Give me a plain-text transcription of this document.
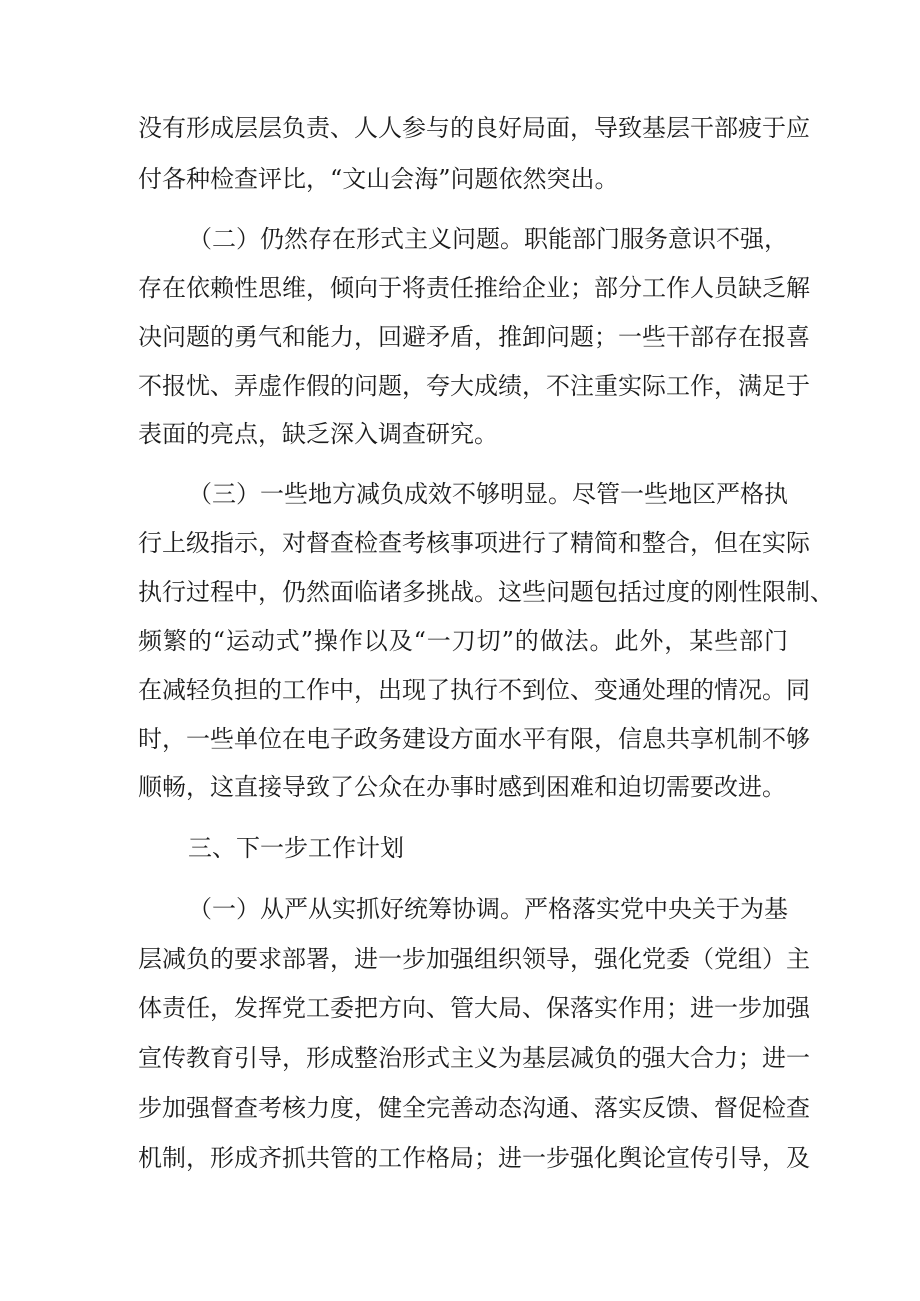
没有形成层层负责、人人参与的良好局面，导致基层干部疲于应
付各种检查评比，“文山会海”问题依然突出。
（二）仍然存在形式主义问题。职能部门服务意识不强，
存在依赖性思维，倾向于将责任推给企业；部分工作人员缺乏解
决问题的勇气和能力，回避矛盾，推卸问题；一些干部存在报喜
不报忧、弄虚作假的问题，夸大成绩，不注重实际工作，满足于
表面的亮点，缺乏深入调查研究。
（三）一些地方减负成效不够明显。尽管一些地区严格执
行上级指示，对督查检查考核事项进行了精简和整合，但在实际
执行过程中，仍然面临诸多挑战。这些问题包括过度的刚性限制、
频繁的“运动式”操作以及“一刀切”的做法。此外，某些部门
在减轻负担的工作中，出现了执行不到位、变通处理的情况。同
时，一些单位在电子政务建设方面水平有限，信息共享机制不够
顺畅，这直接导致了公众在办事时感到困难和迫切需要改进。
三、下一步工作计划
（一）从严从实抓好统筹协调。严格落实党中央关于为基
层减负的要求部署，进一步加强组织领导，强化党委（党组）主
体责任，发挥党工委把方向、管大局、保落实作用；进一步加强
宣传教育引导，形成整治形式主义为基层减负的强大合力；进一
步加强督查考核力度，健全完善动态沟通、落实反馈、督促检查
机制，形成齐抓共管的工作格局；进一步强化舆论宣传引导，及
